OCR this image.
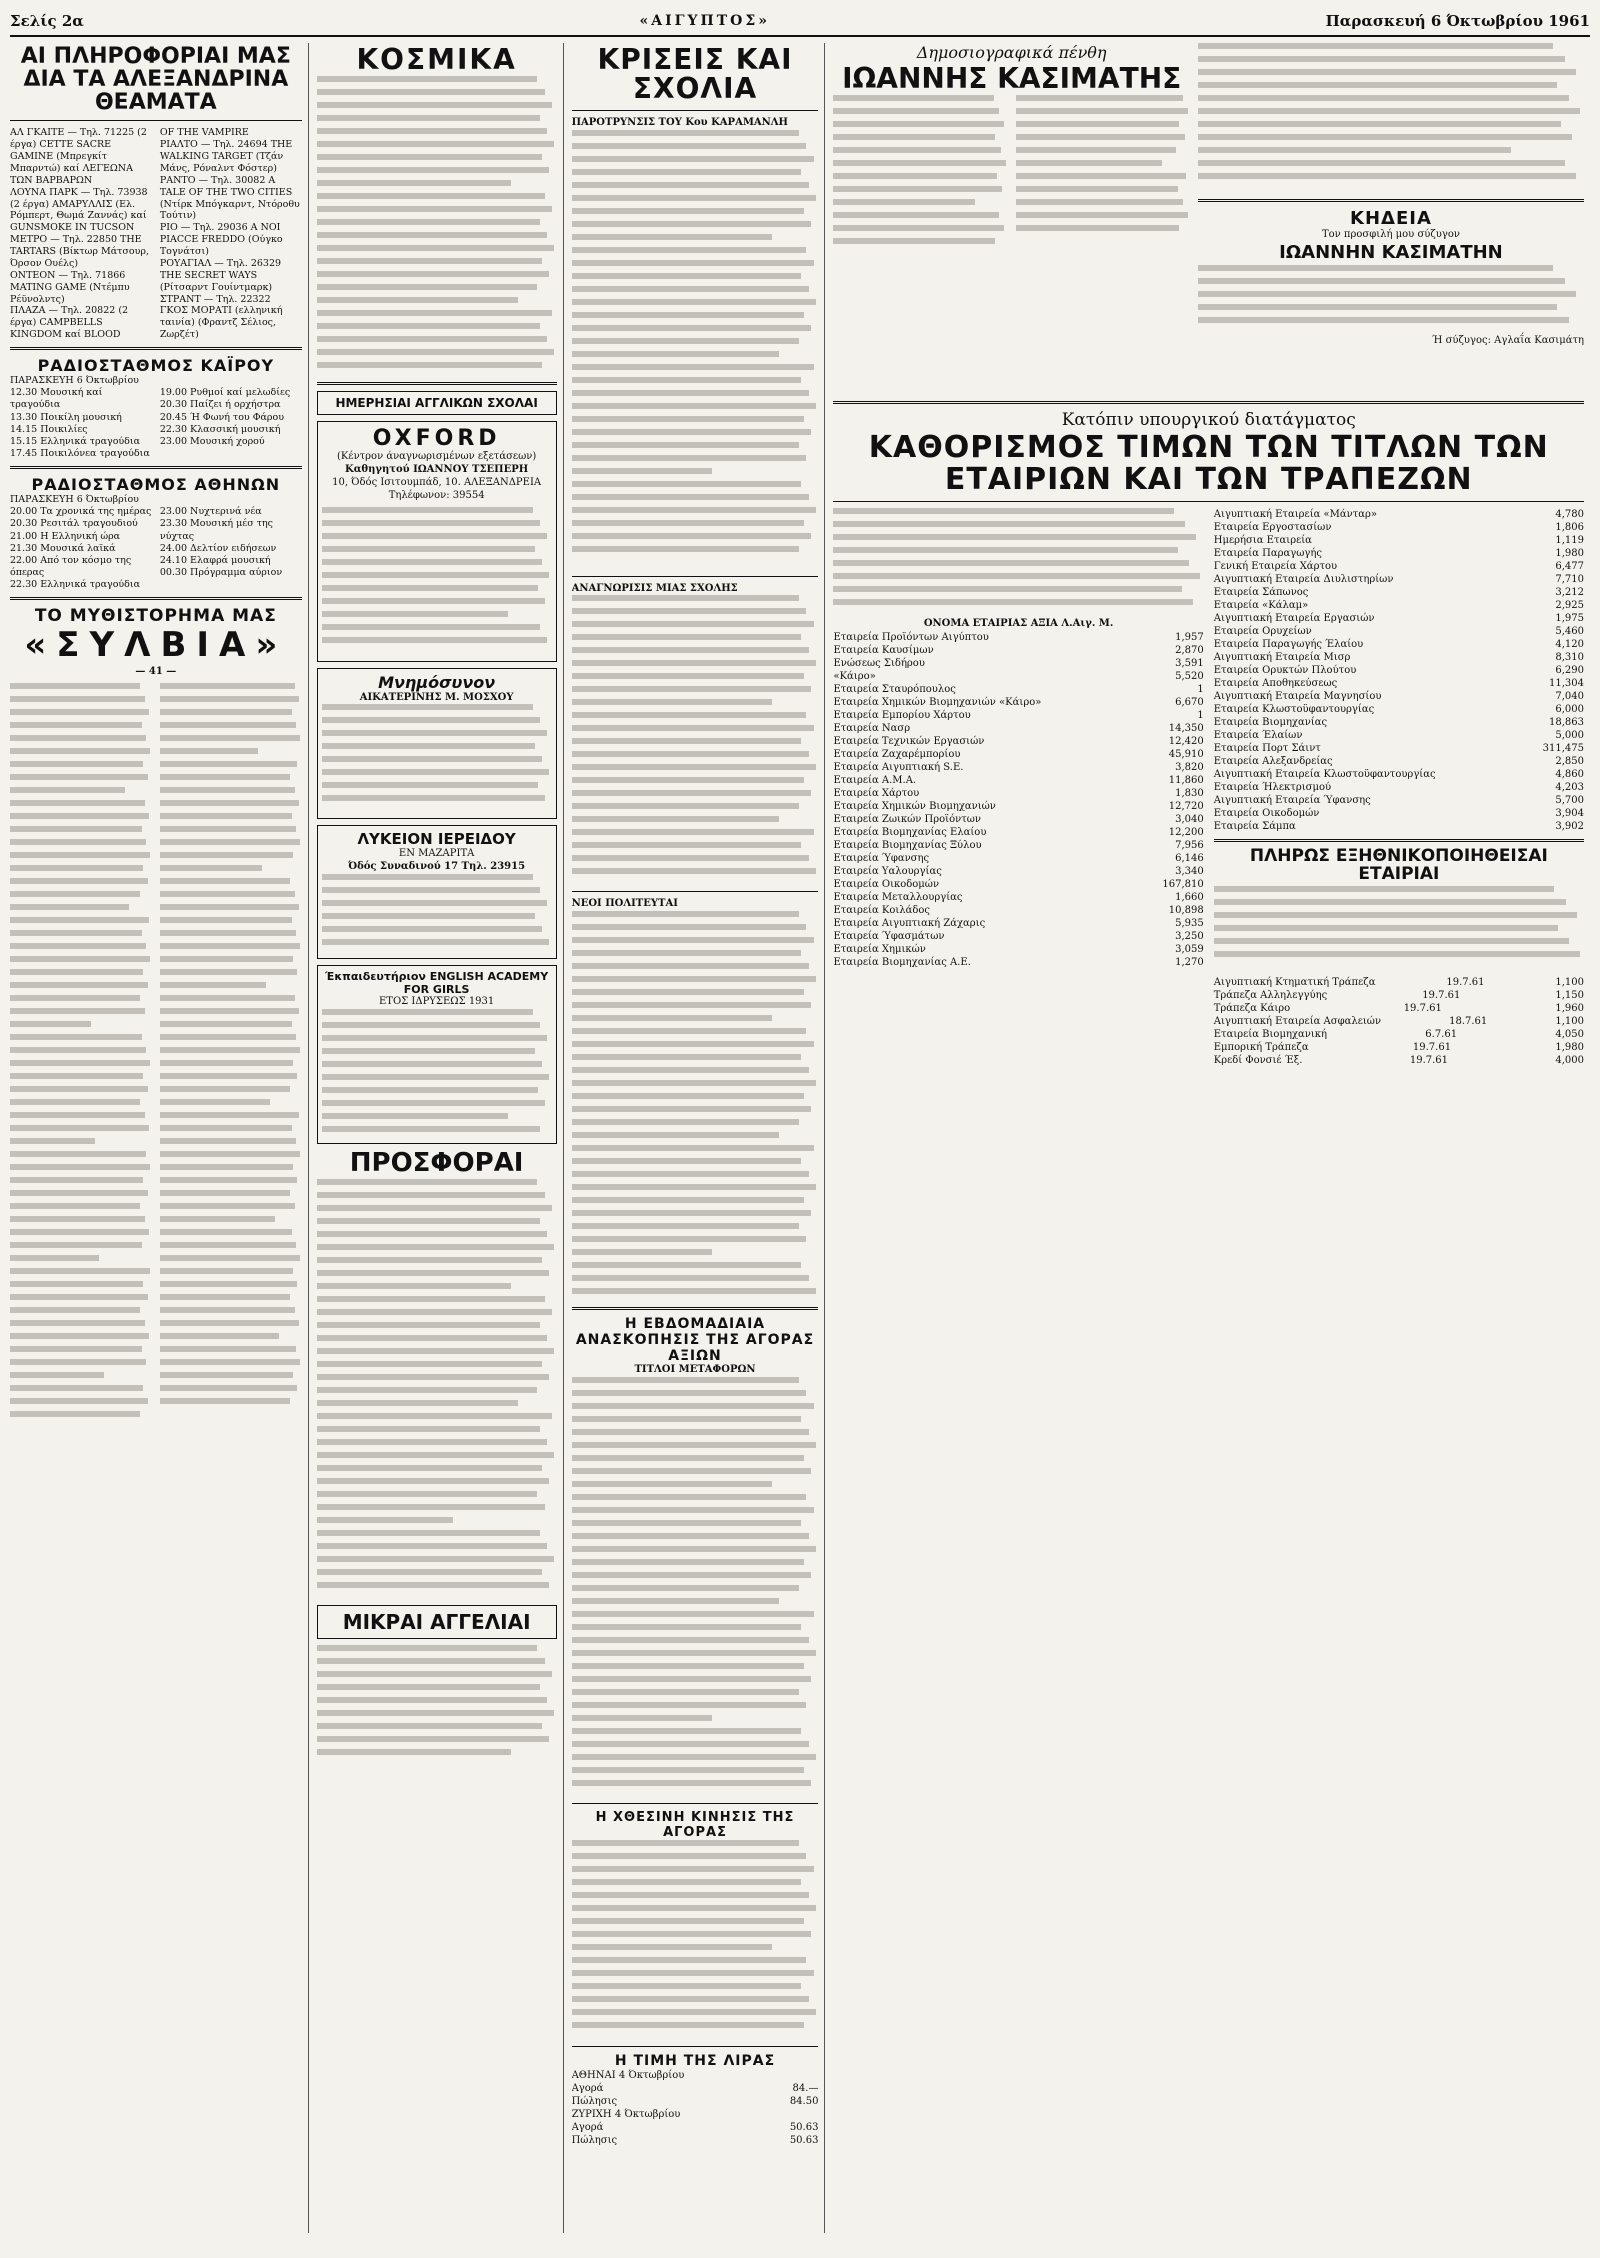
Σελίς 2α	«ΑΙΓΥΠΤΟΣ»	Παρασκευή 6 Όκτωβρίου 1961
ΑΙ ΠΛΗΡΟΦΟΡΙΑΙ ΜΑΣ ΔΙΑ ΤΑ ΑΛΕΞΑΝΔΡΙΝΑ ΘΕΑΜΑΤΑ
ΑΛ ΓΚΑΙΤΕ — Τηλ. 71225 (2 έργα) CETTE SACRE GAMINE (Μπρεγκίτ Μπαρντώ) καί ΛΕΓΕΩΝΑ ΤΩΝ ΒΑΡΒΑΡΩΝ
ΛΟΥΝΑ ΠΑΡΚ — Τηλ. 73938 (2 έργα) ΑΜΑΡΥΛΛΙΣ (Ελ. Ρόμπερτ, Θωμά Ζαννάς) καί GUNSMOKE IN TUCSON
ΜΕΤΡΟ — Τηλ. 22850 THE TARTARS (Βίκτωρ Μάτσουρ, Όρσον Ουέλς)
ΟΝΤΕΟΝ — Τηλ. 71866 MATING GAME (Ντέμπυ Ρέϋνολντς)
ΠΛΑΖΑ — Τηλ. 20822 (2 έργα) CAMPBELLS KINGDOM καί BLOOD
OF THE VAMPIRE
ΡΙΑΛΤΟ — Τηλ. 24694 THE WALKING TARGET (Τζάν Μάνς, Ρόναλντ Φόστερ)
ΡΑΝΤΟ — Τηλ. 30082 A TALE OF THE TWO CITIES (Ντίρκ Μπόγκαρντ, Ντόροθυ Τούτιν)
ΡΙΟ — Τηλ. 29036 A NOI PIACCE FREDDO (Ούγκο Τογνάτσι)
ΡΟΥΑΓΙΑΛ — Τηλ. 26329 THE SECRET WAYS (Ρίτσαρντ Γουίντμαρκ)
ΣΤΡΑΝΤ — Τηλ. 22322 ΓΚΟΣ ΜΟΡΑΤΙ (ελληνική ταινία) (Φραντζ Σέλιος, Ζωρζέτ)
ΡΑΔΙΟΣΤΑΘΜΟΣ ΚΑΪΡΟΥ
ΠΑΡΑΣΚΕΥΗ 6 Όκτωβρίου
12.30 Μουσική καί τραγούδια
13.30 Ποικίλη μουσική
14.15 Ποικιλίες
15.15 Ελληνικά τραγούδια
17.45 Ποικιλόνεα τραγούδια
19.00 Ρυθμοί καί μελωδίες
20.30 Παίζει ή ορχήστρα
20.45 Ή Φωνή του Φάρου
22.30 Κλασσική μουσική
23.00 Μουσική χορού
ΡΑΔΙΟΣΤΑΘΜΟΣ ΑΘΗΝΩΝ
ΠΑΡΑΣΚΕΥΗ 6 Όκτωβρίου
20.00 Τα χρονικά της ημέρας
20.30 Ρεσιτάλ τραγουδιού
21.00 Η Ελληνική ώρα
21.30 Μουσικά λαϊκά
22.00 Από τον κόσμο της όπερας
22.30 Ελληνικά τραγούδια
23.00 Νυχτερινά νέα
23.30 Μουσική μέσ της νύχτας
24.00 Δελτίον ειδήσεων
24.10 Ελαφρά μουσική
00.30 Πρόγραμμα αύριον
ΤΟ ΜΥΘΙΣΤΟΡΗΜΑ ΜΑΣ
«ΣΥΛΒΙΑ»
— 41 —
ΚΟΣΜΙΚΑ
ΗΜΕΡΗΣΙΑΙ ΑΓΓΛΙΚΩΝ ΣΧΟΛΑΙ
OXFORD
(Κέντρον άναγνωρισμένων εξετάσεων)
Καθηγητού ΙΩΑΝΝΟΥ ΤΣΕΠΕΡΗ
10, Όδός Ισιτουμπάδ, 10. ΑΛΕΞΑΝΔΡΕΙΑ
Τηλέφωνον: 39554
Μνημόσυνον
ΑΙΚΑΤΕΡΙΝΗΣ Μ. ΜΟΣΧΟΥ
ΛΥΚΕΙΟΝ ΙΕΡΕΙΔΟΥ
ΕΝ ΜΑΖΑΡΙΤΑ
Όδός Συναδινού 17 Τηλ. 23915
Έκπαιδευτήριον ENGLISH ACADEMY FOR GIRLS
ΕΤΟΣ ΙΔΡΥΣΕΩΣ 1931
ΠΡΟΣΦΟΡΑΙ
ΜΙΚΡΑΙ ΑΓΓΕΛΙΑΙ
ΚΡΙΣΕΙΣ ΚΑΙ ΣΧΟΛΙΑ
ΠΑΡΟΤΡΥΝΣΙΣ ΤΟΥ Κου ΚΑΡΑΜΑΝΛΗ
ΑΝΑΓΝΩΡΙΣΙΣ ΜΙΑΣ ΣΧΟΛΗΣ
ΝΕΟΙ ΠΟΛΙΤΕΥΤΑΙ
Η ΕΒΔΟΜΑΔΙΑΙΑ ΑΝΑΣΚΟΠΗΣΙΣ ΤΗΣ ΑΓΟΡΑΣ ΑΞΙΩΝ
ΤΙΤΛΟΙ ΜΕΤΑΦΟΡΩΝ
Η ΧΘΕΣΙΝΗ ΚΙΝΗΣΙΣ ΤΗΣ ΑΓΟΡΑΣ
Η ΤΙΜΗ ΤΗΣ ΛΙΡΑΣ
ΑΘΗΝΑΙ 4 Όκτωβρίου
Αγορά	84.—
Πώλησις	84.50
ΖΥΡΙΧΗ 4 Όκτωβρίου
Αγορά	50.63
Πώλησις	50.63
Δημοσιογραφικά πένθη
ΙΩΑΝΝΗΣ ΚΑΣΙΜΑΤΗΣ
ΚΗΔΕΙΑ
Τον προσφιλή μου σύζυγον
ΙΩΑΝΝΗΝ ΚΑΣΙΜΑΤΗΝ
Ή σύζυγος: Αγλαΐα Κασιμάτη
Κατόπιν υπουργικού διατάγματος
ΚΑΘΟΡΙΣΜΟΣ ΤΙΜΩΝ ΤΩΝ ΤΙΤΛΩΝ ΤΩΝ ΕΤΑΙΡΙΩΝ ΚΑΙ ΤΩΝ ΤΡΑΠΕΖΩΝ
ΟΝΟΜΑ ΕΤΑΙΡΙΑΣ ΑΞΙΑ Λ.Αιγ. Μ.
Εταιρεία Προϊόντων Αιγύπτου	1,957
Εταιρεία Καυσίμων	2,870
Ενώσεως Σιδήρου	3,591
«Κάιρο»	5,520
Εταιρεία Σταυρόπουλος	1
Εταιρεία Χημικών Βιομηχανιών «Κάιρο»	6,670
Εταιρεία Εμπορίου Χάρτου	1
Εταιρεία Νασρ	14,350
Εταιρεία Τεχνικών Εργασιών	12,420
Εταιρεία Ζαχαρέμπορίου	45,910
Εταιρεία Αιγυπτιακή S.E.	3,820
Εταιρεία Α.Μ.Α.	11,860
Εταιρεία Χάρτου	1,830
Εταιρεία Χημικών Βιομηχανιών	12,720
Εταιρεία Ζωικών Προϊόντων	3,040
Εταιρεία Βιομηχανίας Ελαίου	12,200
Εταιρεία Βιομηχανίας Ξύλου	7,956
Εταιρεία Ύφανσης	6,146
Εταιρεία Υαλουργίας	3,340
Εταιρεία Οικοδομών	167,810
Εταιρεία Μεταλλουργίας	1,660
Εταιρεία Κοιλάδος	10,898
Εταιρεία Αιγυπτιακή Ζάχαρις	5,935
Εταιρεία Ύφασμάτων	3,250
Εταιρεία Χημικών	3,059
Εταιρεία Βιομηχανίας Α.Ε.	1,270
Αιγυπτιακή Εταιρεία «Μάνταρ»	4,780
Εταιρεία Εργοστασίων	1,806
Ημερήσια Εταιρεία	1,119
Εταιρεία Παραγωγής	1,980
Γενική Εταιρεία Χάρτου	6,477
Αιγυπτιακή Εταιρεία Διυλιστηρίων	7,710
Εταιρεία Σάπωνος	3,212
Εταιρεία «Κάλαμ»	2,925
Αιγυπτιακή Εταιρεία Εργασιών	1,975
Εταιρεία Ορυχείων	5,460
Εταιρεία Παραγωγής Έλαίου	4,120
Αιγυπτιακή Εταιρεία Μισρ	8,310
Εταιρεία Ορυκτών Πλούτου	6,290
Εταιρεία Αποθηκεύσεως	11,304
Αιγυπτιακή Εταιρεία Μαγνησίου	7,040
Εταιρεία Κλωστοϋφαντουργίας	6,000
Εταιρεία Βιομηχανίας	18,863
Εταιρεία Έλαίων	5,000
Εταιρεία Πορτ Σάιντ	311,475
Εταιρεία Αλεξανδρείας	2,850
Αιγυπτιακή Εταιρεία Κλωστοϋφαντουργίας	4,860
Εταιρεία Ήλεκτρισμού	4,203
Αιγυπτιακή Εταιρεία Ύφανσης	5,700
Εταιρεία Οικοδομών	3,904
Εταιρεία Σάμπα	3,902
ΠΛΗΡΩΣ ΕΞΗΘΝΙΚΟΠΟΙΗΘΕΙΣΑΙ ΕΤΑΙΡΙΑΙ
Αιγυπτιακή Κτηματική Τράπεζα	19.7.61	1,100
Τράπεζα Αλληλεγγύης	19.7.61	1,150
Τράπεζα Κάιρο	19.7.61	1,960
Αιγυπτιακή Εταιρεία Ασφαλειών	18.7.61	1,100
Εταιρεία Βιομηχανική	6.7.61	4,050
Εμπορική Τράπεζα	19.7.61	1,980
Κρεδί Φονσιέ Έξ.	19.7.61	4,000
